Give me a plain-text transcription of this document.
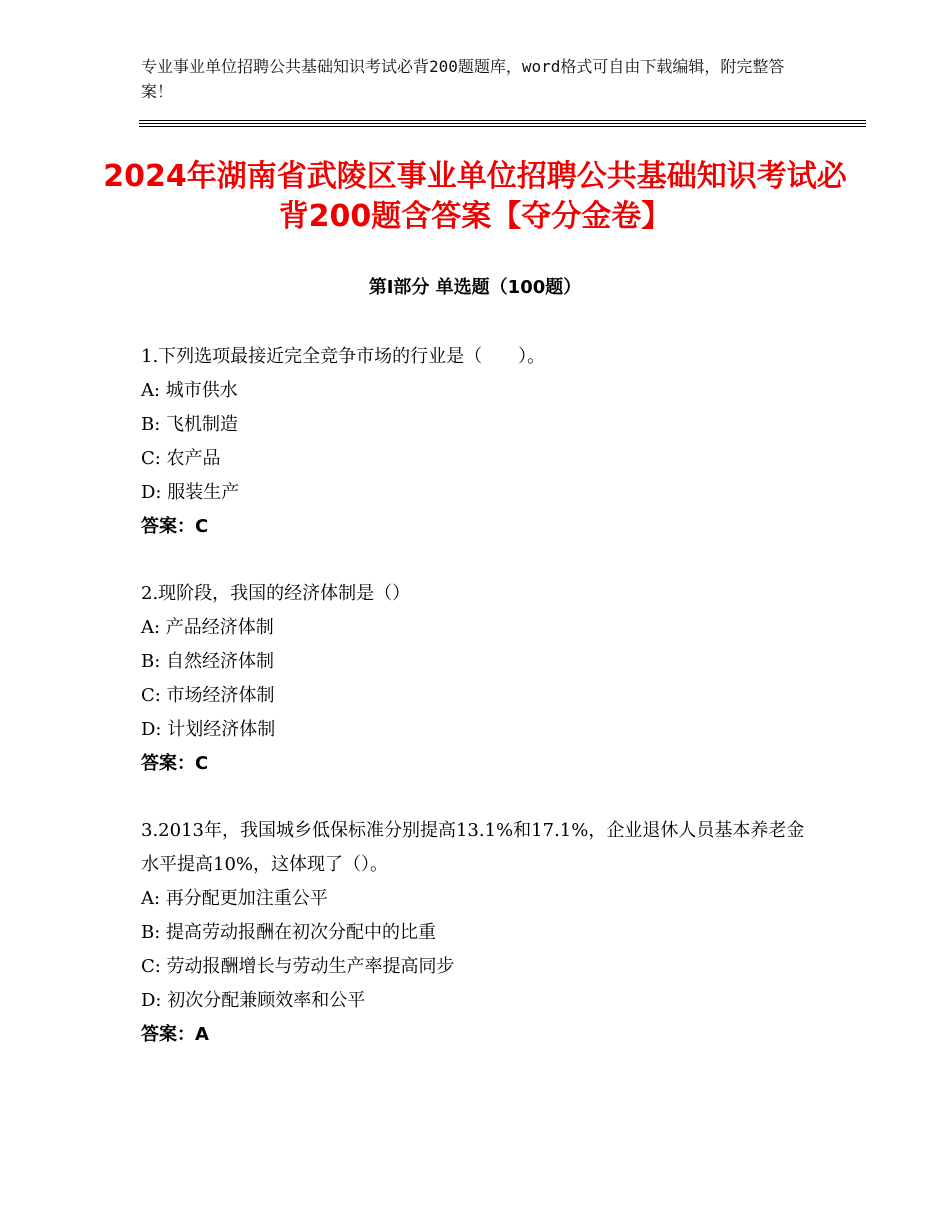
专业事业单位招聘公共基础知识考试必背200题题库，word格式可自由下载编辑，附完整答案！
2024年湖南省武陵区事业单位招聘公共基础知识考试必背200题含答案【夺分金卷】
第I部分 单选题（100题）
1.下列选项最接近完全竞争市场的行业是（　　）。
A: 城市供水
B: 飞机制造
C: 农产品
D: 服装生产
答案：C
2.现阶段，我国的经济体制是（）
A: 产品经济体制
B: 自然经济体制
C: 市场经济体制
D: 计划经济体制
答案：C
3.2013年，我国城乡低保标准分别提高13.1%和17.1%，企业退休人员基本养老金水平提高10%，这体现了（）。
A: 再分配更加注重公平
B: 提高劳动报酬在初次分配中的比重
C: 劳动报酬增长与劳动生产率提高同步
D: 初次分配兼顾效率和公平
答案：A
